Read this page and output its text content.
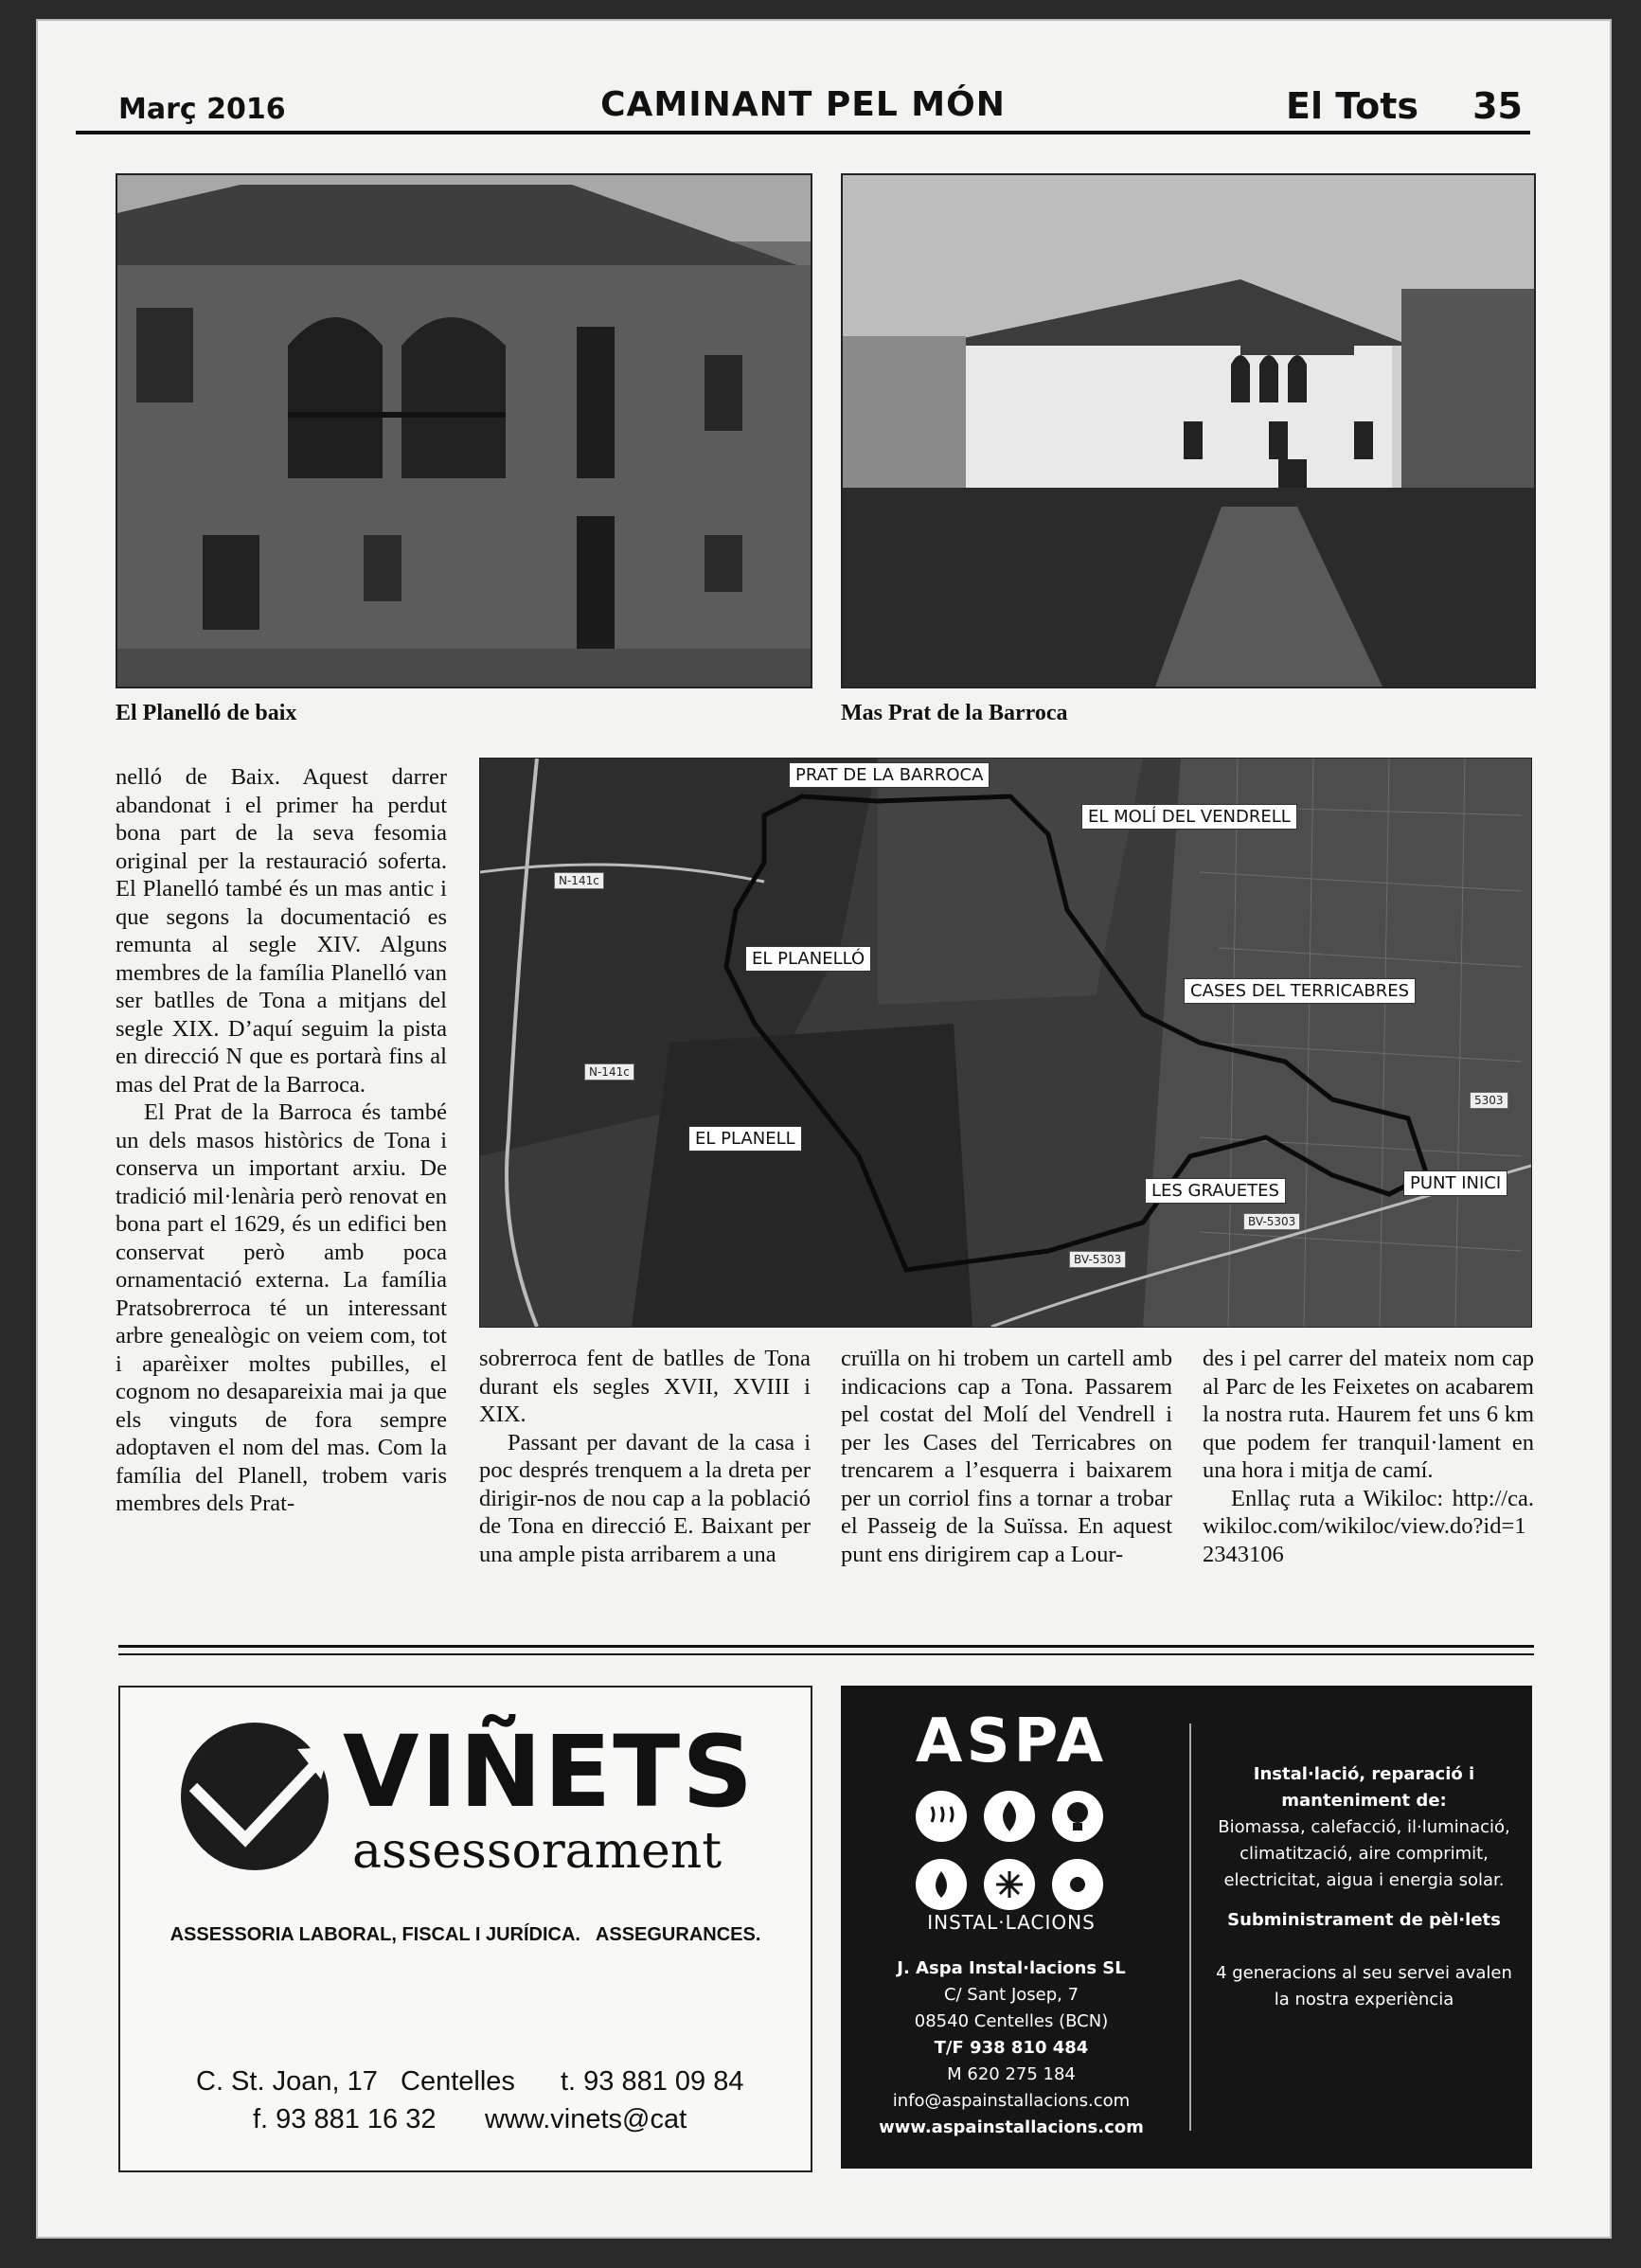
Març 2016	CAMINANT PEL MÓN	El Tots 35
El Planelló de baix	Mas Prat de la Barroca

nelló de Baix. Aquest darrer abandonat i el primer ha perdut bona part de la seva fesomia original per la restauració soferta. El Planelló també és un mas antic i que segons la documentació es remunta al segle XIV. Alguns membres de la família Planelló van ser batlles de Tona a mitjans del segle XIX. D’aquí seguim la pista en direcció N que es portarà fins al mas del Prat de la Barroca.

El Prat de la Barroca és també un dels masos històrics de Tona i conserva un important arxiu. De tradició mil·lenària però renovat en bona part el 1629, és un edifici ben conservat però amb poca ornamentació externa. La família Pratsobrerroca té un interessant arbre genealògic on veiem com, tot i aparèixer moltes pubilles, el cognom no desapareixia mai ja que els vinguts de fora sempre adoptaven el nom del mas. Com la família del Planell, trobem varis membres dels Prat-

PRAT DE LA BARROCA
EL MOLÍ DEL VENDRELL
EL PLANELLÓ
CASES DEL TERRICABRES
EL PLANELL
LES GRAUETES	PUNT INICI
N-141c
N-141c
BV-5303
BV-5303
5303

sobrerroca fent de batlles de Tona durant els segles XVII, XVIII i XIX.

Passant per davant de la casa i poc després trenquem a la dreta per dirigir-nos de nou cap a la població de Tona en direcció E. Baixant per una ample pista arribarem a una

cruïlla on hi trobem un cartell amb indicacions cap a Tona. Passarem pel costat del Molí del Vendrell i per les Cases del Terricabres on trencarem a l’esquerra i baixarem per un corriol fins a tornar a trobar el Passeig de la Suïssa. En aquest punt ens dirigirem cap a Lour-

des i pel carrer del mateix nom cap al Parc de les Feixetes on acabarem la nostra ruta. Haurem fet uns 6 km que podem fer tranquil·lament en una hora i mitja de camí.

Enllaç ruta a Wikiloc: http://ca.wikiloc.com/wikiloc/view.do?id=12343106

VIÑETS
assessorament
ASSESSORIA LABORAL, FISCAL I JURÍDICA.   ASSEGURANCES.
C. St. Joan, 17   Centelles t. 93 881 09 84
f. 93 881 16 32 www.vinets@cat
ASPA
INSTAL·LACIONS
J. Aspa Instal·lacions SL
C/ Sant Josep, 7
08540 Centelles (BCN)
T/F 938 810 484
M 620 275 184
info@aspainstallacions.com
www.aspainstallacions.com
Instal·lació, reparació i manteniment de:
Biomassa, calefacció, il·luminació, climatització, aire comprimit, electricitat, aigua i energia solar.
Subministrament de pèl·lets
4 generacions al seu servei avalen la nostra experiència
